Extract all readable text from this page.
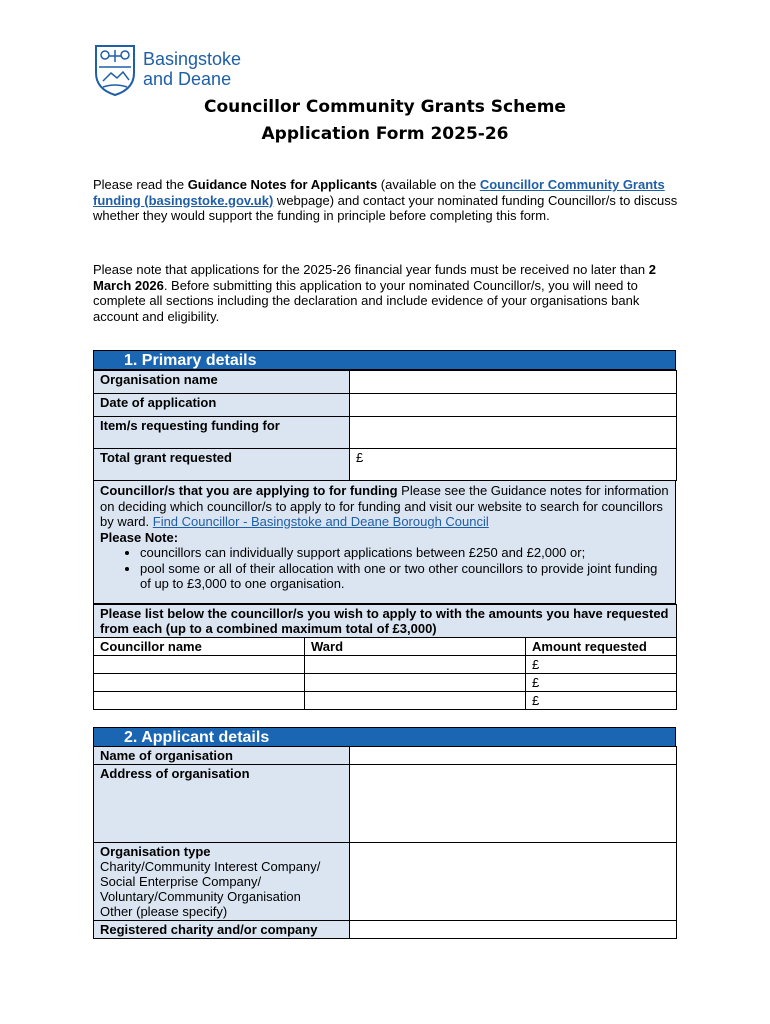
Basingstoke
and Deane
Councillor Community Grants Scheme
Application Form 2025-26
Please read the Guidance Notes for Applicants (available on the Councillor Community Grants funding (basingstoke.gov.uk) webpage) and contact your nominated funding Councillor/s to discuss whether they would support the funding in principle before completing this form.
Please note that applications for the 2025-26 financial year funds must be received no later than 2 March 2026. Before submitting this application to your nominated Councillor/s, you will need to complete all sections including the declaration and include evidence of your organisations bank account and eligibility.
1. Primary details
Organisation name	
Date of application	
Item/s requesting funding for	
Total grant requested	£
Councillor/s that you are applying to for funding Please see the Guidance notes for information on deciding which councillor/s to apply to for funding and visit our website to search for councillors by ward. Find Councillor - Basingstoke and Deane Borough Council
Please Note:
• councillors can individually support applications between £250 and £2,000 or;
• pool some or all of their allocation with one or two other councillors to provide joint funding of up to £3,000 to one organisation.
Please list below the councillor/s you wish to apply to with the amounts you have requested from each (up to a combined maximum total of £3,000)		
Councillor name	Ward	Amount requested
		£
		£
		£
2. Applicant details
Name of organisation	
Address of organisation	
Organisation type
Charity/Community Interest Company/
Social Enterprise Company/
Voluntary/Community Organisation
Other (please specify)	
Registered charity and/or company	
